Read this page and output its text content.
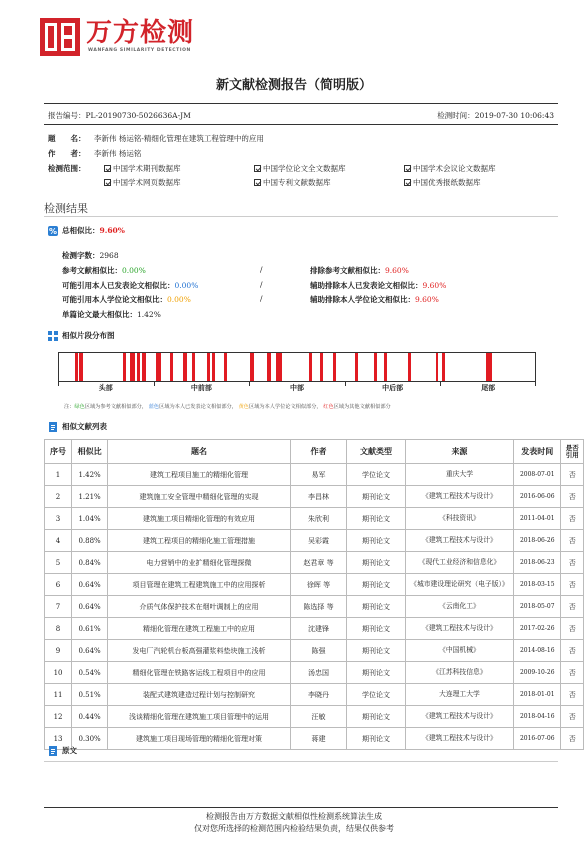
万方检测
WANFANG SIMILARITY DETECTION
新文献检测报告（简明版）
报告编号：PL-20190730-5026636A-JM	检测时间：2019-07-30 10:06:43
题　　名： 李新伟 杨运铭-精细化管理在建筑工程管理中的应用
作　　者： 李新伟 杨运铭
检测范围：	中国学术期刊数据库	中国学位论文全文数据库	中国学术会议论文数据库
中国学术网页数据库	中国专利文献数据库	中国优秀报纸数据库
检测结果
% 总相似比： 9.60%
检测字数：2968
参考文献相似比：0.00%	/	排除参考文献相似比：9.60%
可能引用本人已发表论文相似比：0.00%	/	辅助排除本人已发表论文相似比：9.60%
可能引用本人学位论文相似比：0.00%	/	辅助排除本人学位论文相似比：9.60%
单篇论文最大相似比：1.42%
相似片段分布图
头部	中前部	中部	中后部	尾部
注：绿色区域为参考文献相似部分， 蓝色区域为本人已发表论文相似部分， 黄色区域为本人学位论文相似部分， 红色区域为其他文献相似部分
相似文献列表
序号	相似比	题名	作者	文献类型	来源	发表时间	是否引用
1	1.42%	建筑工程项目施工的精细化管理	易军	学位论文	重庆大学	2008-07-01	否
2	1.21%	建筑施工安全管理中精细化管理的实现	李昌林	期刊论文	《建筑工程技术与设计》	2016-06-06	否
3	1.04%	建筑施工项目精细化管理的有效应用	朱欣利	期刊论文	《科技资讯》	2011-04-01	否
4	0.88%	建筑工程项目的精细化施工管理措施	吴彩霞	期刊论文	《建筑工程技术与设计》	2018-06-26	否
5	0.84%	电力营销中的业扩精细化管理探微	赵君章 等	期刊论文	《现代工业经济和信息化》	2018-06-23	否
6	0.64%	项目管理在建筑工程建筑施工中的应用探析	徐晖 等	期刊论文	《城市建设理论研究（电子版）》	2018-03-15	否
7	0.64%	介质气体保护技术在烟叶调制上的应用	陈选择 等	期刊论文	《云南化工》	2018-05-07	否
8	0.61%	精细化管理在建筑工程施工中的应用	沈建锋	期刊论文	《建筑工程技术与设计》	2017-02-26	否
9	0.64%	发电厂汽轮机台板高强灌浆料垫块施工浅析	陈强	期刊论文	《中国机械》	2014-08-16	否
10	0.54%	精细化管理在铁路客运线工程项目中的应用	汤忠国	期刊论文	《江苏科技信息》	2009-10-26	否
11	0.51%	装配式建筑建造过程计划与控制研究	李晓丹	学位论文	大连理工大学	2018-01-01	否
12	0.44%	浅谈精细化管理在建筑施工项目管理中的运用	汪敏	期刊论文	《建筑工程技术与设计》	2018-04-16	否
13	0.30%	建筑施工项目现场管理的精细化管理对策	蒋建	期刊论文	《建筑工程技术与设计》	2016-07-06	否
原文
检测报告由万方数据文献相似性检测系统算法生成
仅对您所选择的检测范围内检验结果负责，结果仅供参考
